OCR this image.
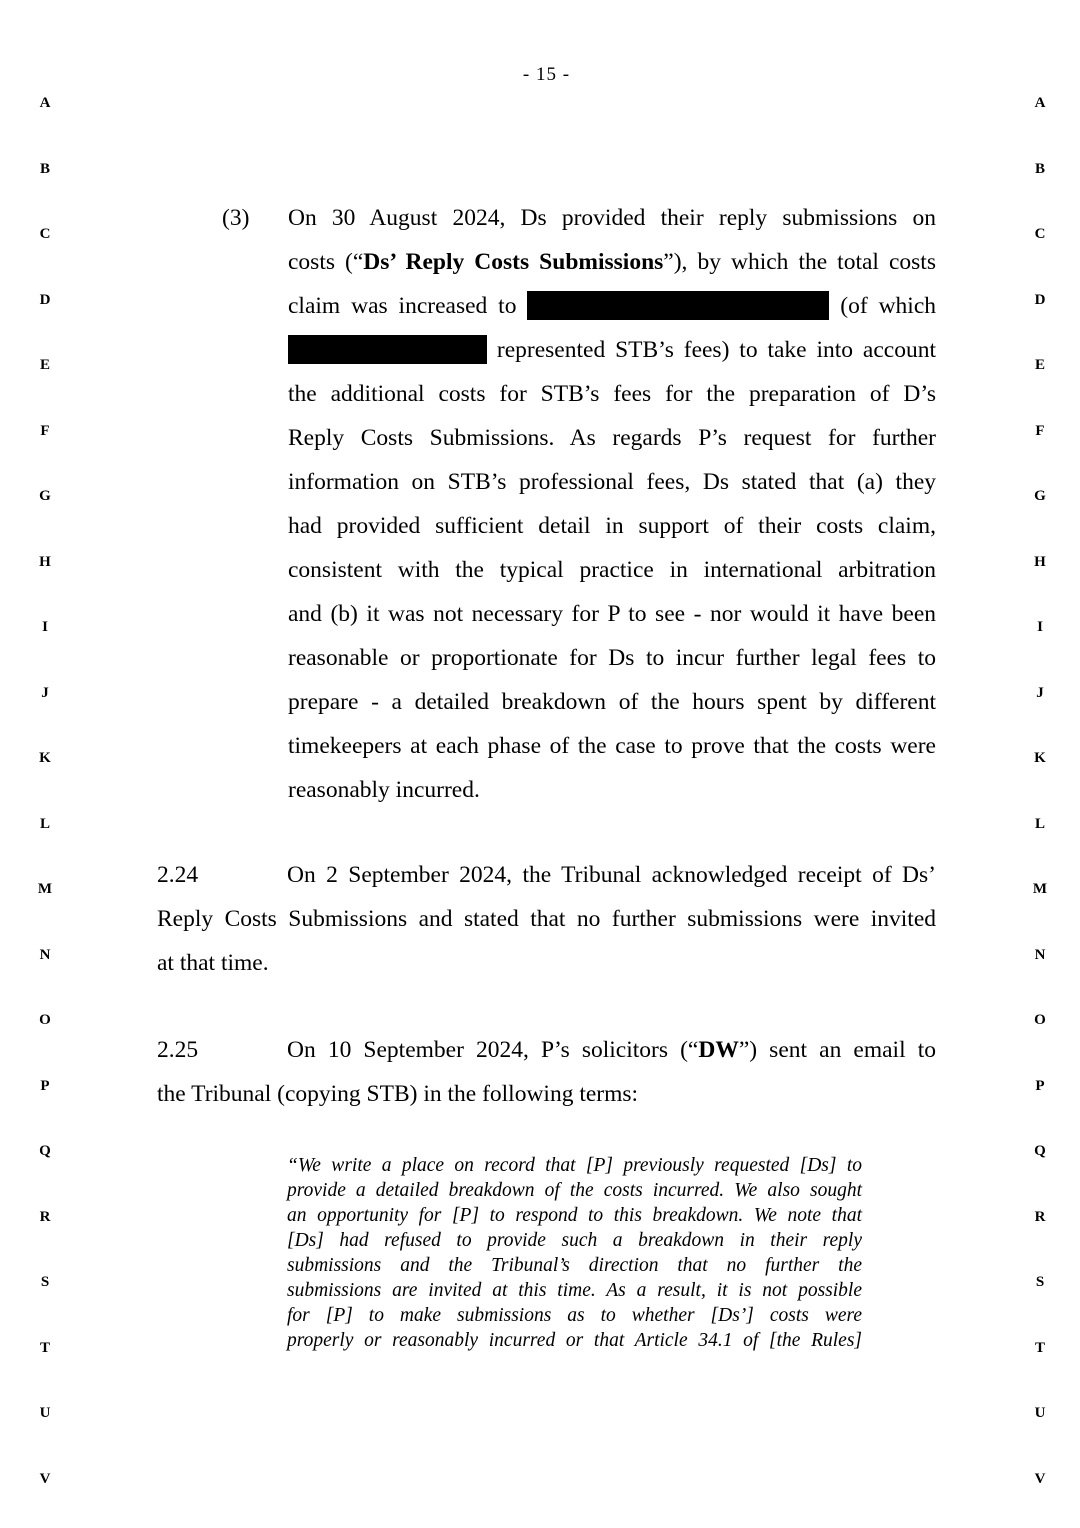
- 15 -
A	A
B	B
C	C
D	D
E	E
F	F
G	G
H	H
I	I
J	J
K	K
L	L
M	M
N	N
O	O
P	P
Q	Q
R	R
S	S
T	T
U	U
V	V
(3) On 30 August 2024, Ds provided their reply submissions on
costs (“Ds’ Reply Costs Submissions”), by which the total costs
claim was increased to	(of which
represented STB’s fees) to take into account
the additional costs for STB’s fees for the preparation of D’s
Reply Costs Submissions. As regards P’s request for further
information on STB’s professional fees, Ds stated that (a) they
had provided sufficient detail in support of their costs claim,
consistent with the typical practice in international arbitration
and (b) it was not necessary for P to see - nor would it have been
reasonable or proportionate for Ds to incur further legal fees to
prepare - a detailed breakdown of the hours spent by different
timekeepers at each phase of the case to prove that the costs were
reasonably incurred.
2.24	On 2 September 2024, the Tribunal acknowledged receipt of Ds’
Reply Costs Submissions and stated that no further submissions were invited
at that time.
2.25	On 10 September 2024, P’s solicitors (“DW”) sent an email to
the Tribunal (copying STB) in the following terms:
“We write a place on record that [P] previously requested [Ds] to
provide a detailed breakdown of the costs incurred. We also sought
an opportunity for [P] to respond to this breakdown. We note that
[Ds] had refused to provide such a breakdown in their reply
submissions and the Tribunal’s direction that no further the
submissions are invited at this time. As a result, it is not possible
for [P] to make submissions as to whether [Ds’] costs were
properly or reasonably incurred or that Article 34.1 of [the Rules]
